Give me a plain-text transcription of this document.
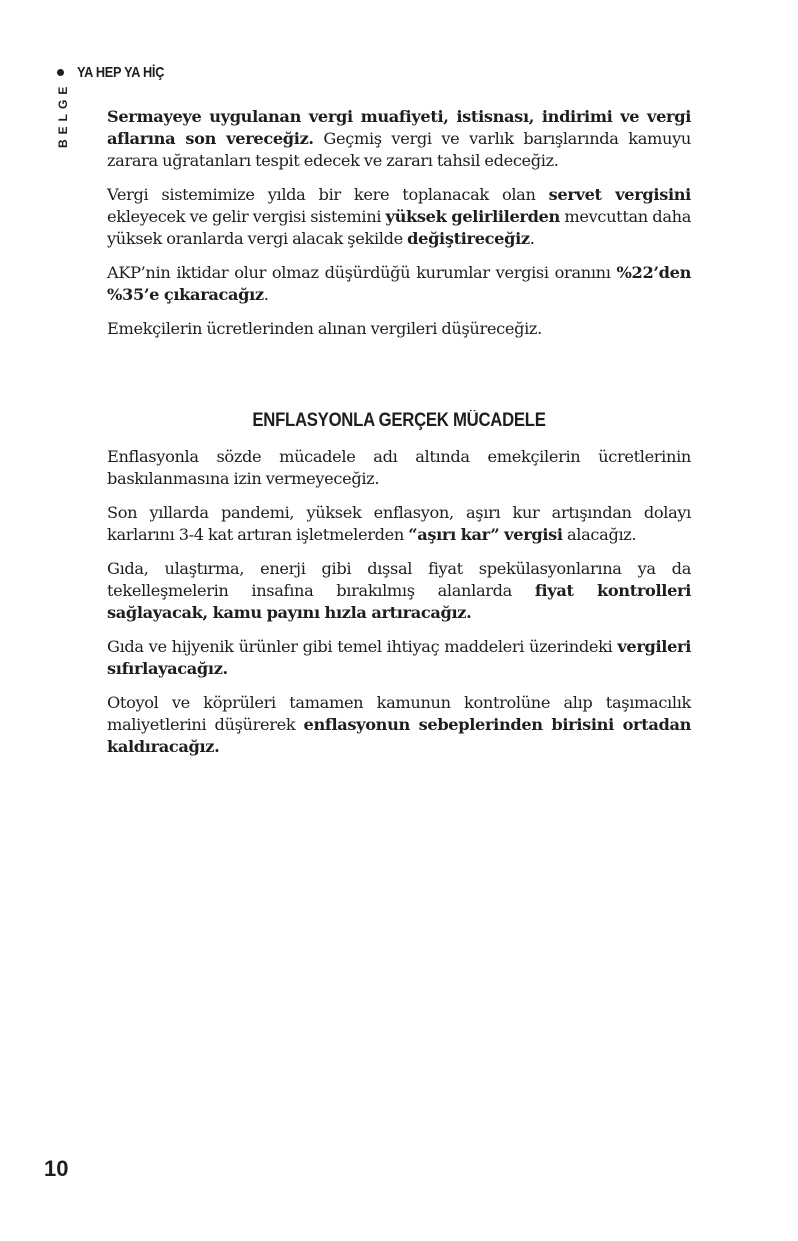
YA HEP YA HİÇ
BELGE Sermayeye uygulanan vergi muafiyeti, istisnası, indirimi ve vergi aflarına son vereceğiz. Geçmiş vergi ve varlık barışlarında kamuyu zarara uğratanları tespit edecek ve zararı tahsil edeceğiz.

Vergi sistemimize yılda bir kere toplanacak olan servet vergisini ekleyecek ve gelir vergisi sistemini yüksek gelirlilerden mevcuttan daha yüksek oranlarda vergi alacak şekilde değiştireceğiz.

AKP’nin iktidar olur olmaz düşürdüğü kurumlar vergisi oranını %22’den %35’e çıkaracağız.

Emekçilerin ücretlerinden alınan vergileri düşüreceğiz.

ENFLASYONLA GERÇEK MÜCADELE

Enflasyonla sözde mücadele adı altında emekçilerin ücretlerinin baskılanmasına izin vermeyeceğiz.

Son yıllarda pandemi, yüksek enflasyon, aşırı kur artışından dolayı karlarını 3-4 kat artıran işletmelerden “aşırı kar” vergisi alacağız.

Gıda, ulaştırma, enerji gibi dışsal fiyat spekülasyonlarına ya da tekelleşmelerin insafına bırakılmış alanlarda fiyat kontrolleri sağlayacak, kamu payını hızla artıracağız.

Gıda ve hijyenik ürünler gibi temel ihtiyaç maddeleri üzerindeki vergileri sıfırlayacağız.

Otoyol ve köprüleri tamamen kamunun kontrolüne alıp taşımacılık maliyetlerini düşürerek enflasyonun sebeplerinden birisini ortadan kaldıracağız.

10
